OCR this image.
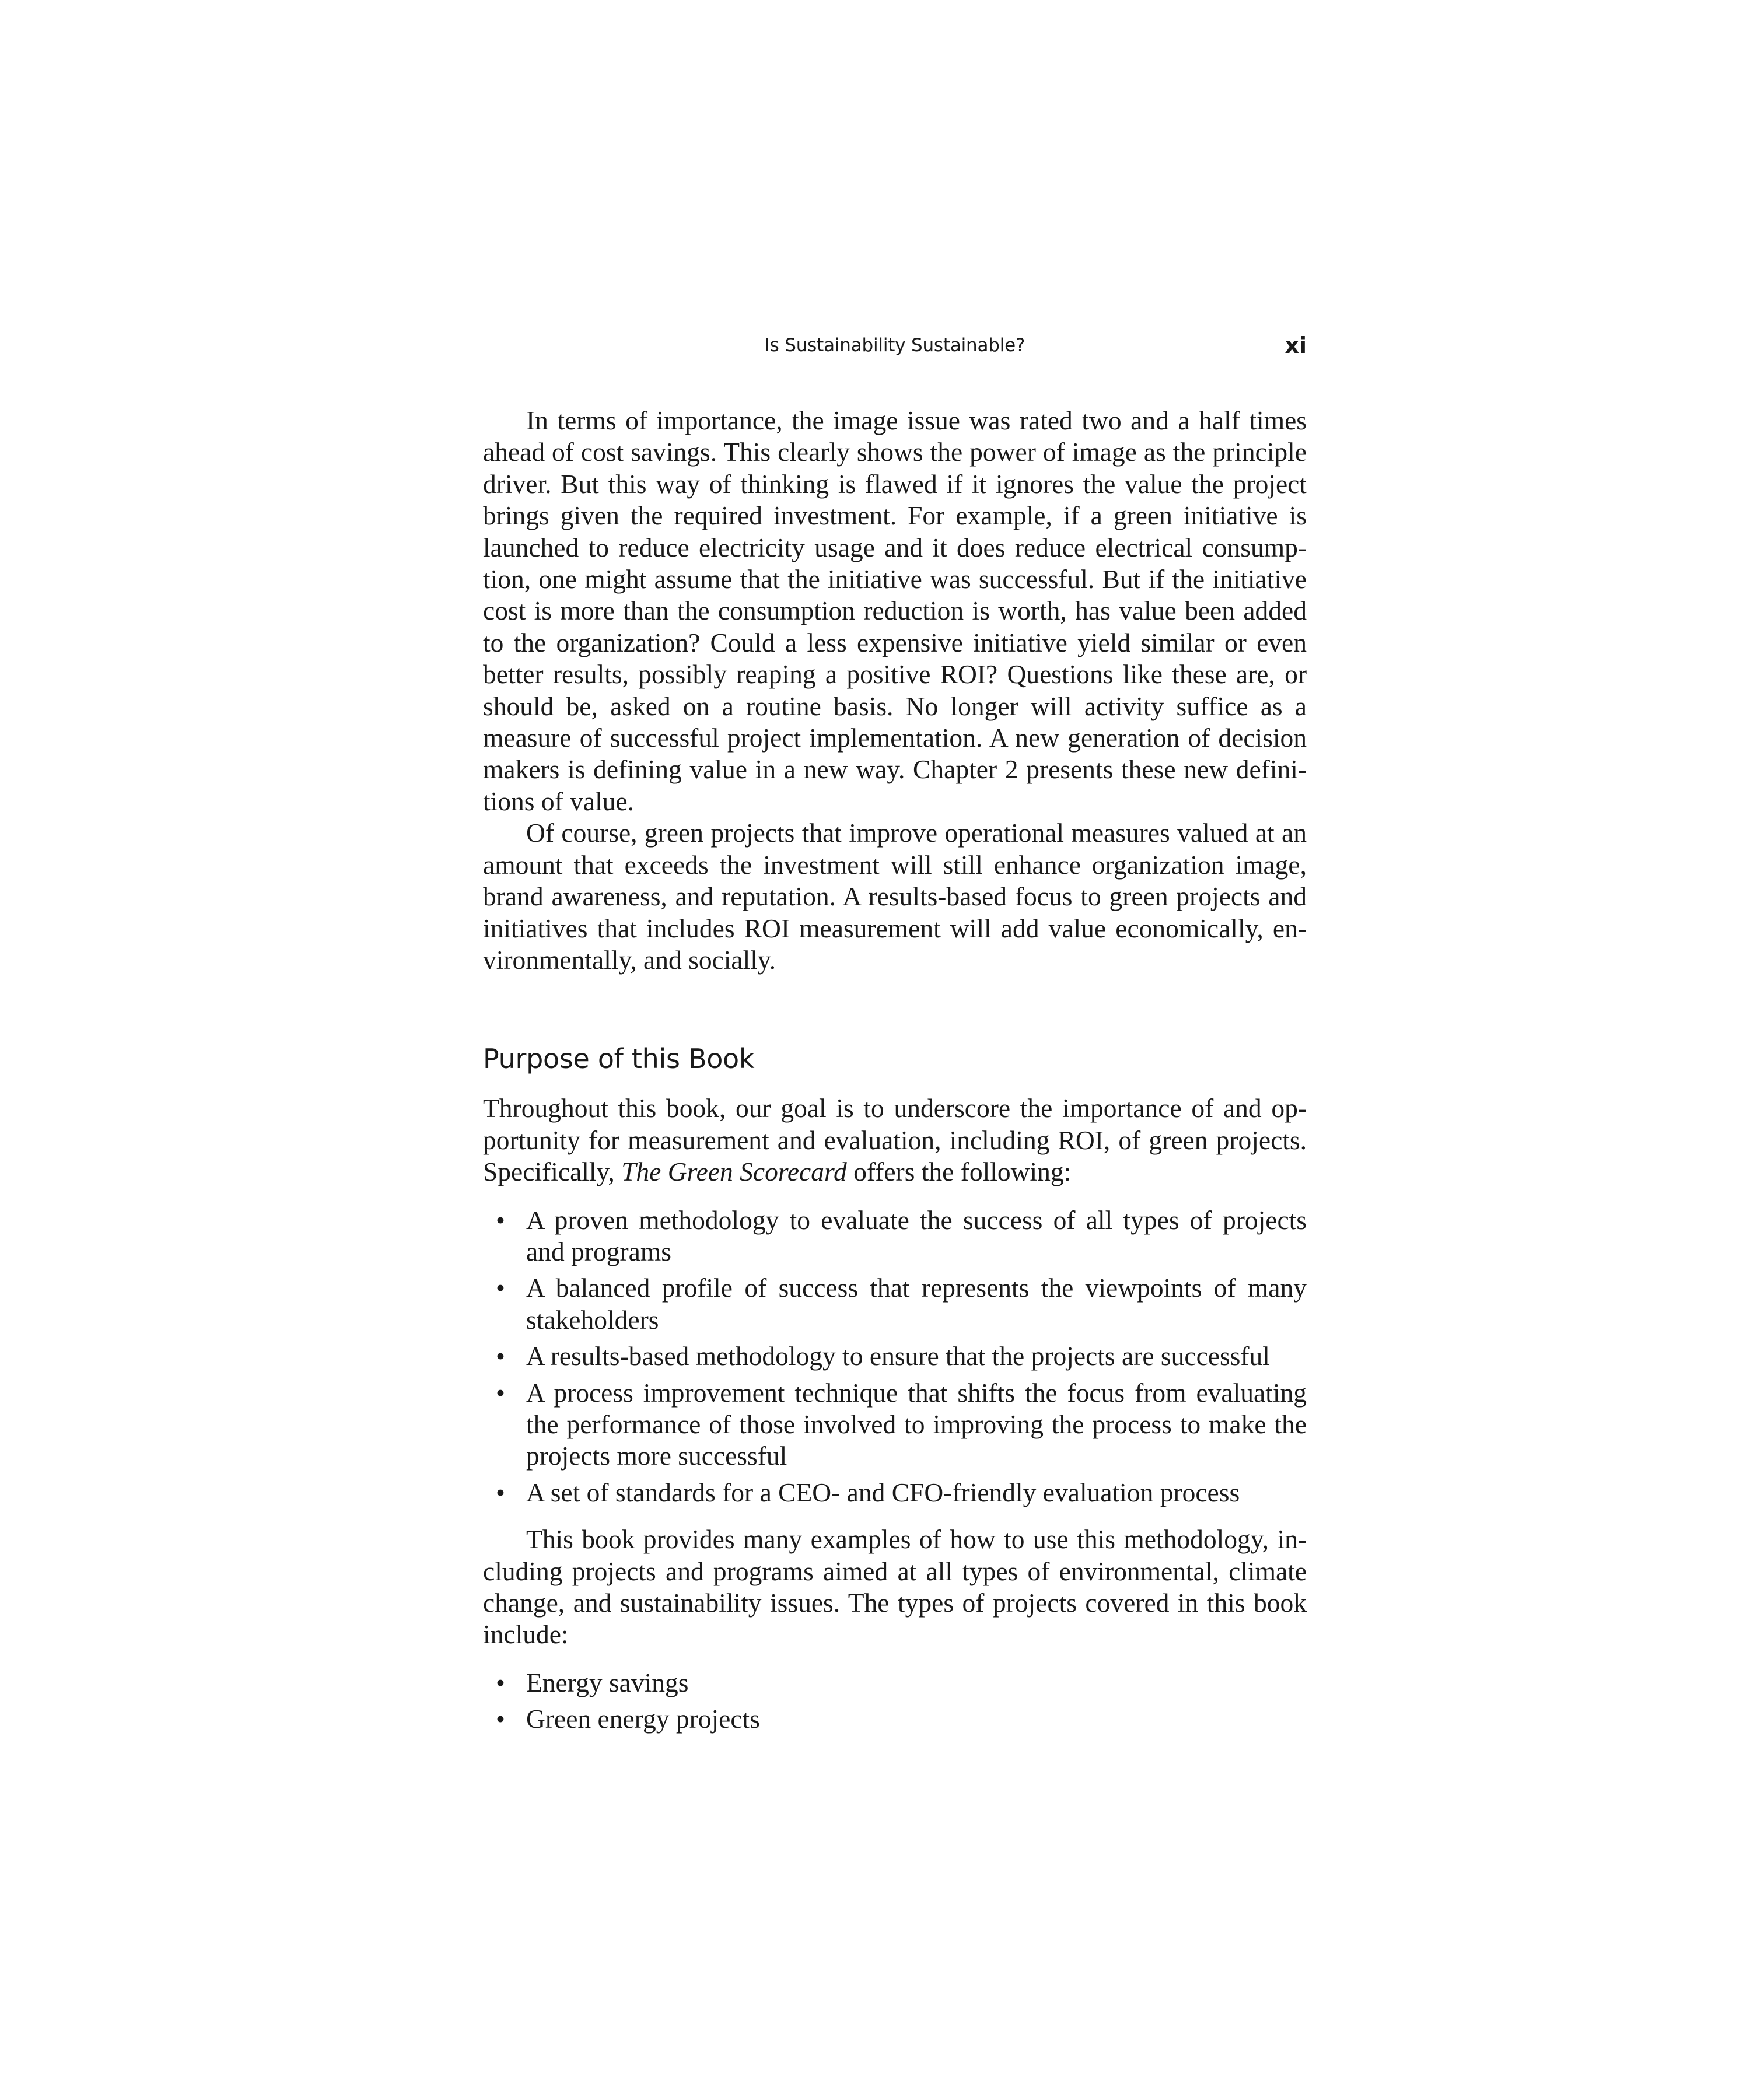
Is Sustainability Sustainable?	xi

In terms of importance, the image issue was rated two and a half times ahead of cost savings. This clearly shows the power of image as the principle driver. But this way of thinking is flawed if it ignores the value the project brings given the required investment. For example, if a green initiative is launched to reduce electricity usage and it does reduce electrical consumption, one might assume that the initiative was successful. But if the initiative cost is more than the consumption reduction is worth, has value been added to the organization? Could a less expensive initiative yield similar or even better results, possibly reaping a positive ROI? Questions like these are, or should be, asked on a routine basis. No longer will activity suffice as a measure of successful project implementation. A new generation of decision makers is defining value in a new way. Chapter 2 presents these new definitions of value.

Of course, green projects that improve operational measures valued at an amount that exceeds the investment will still enhance organization image, brand awareness, and reputation. A results-based focus to green projects and initiatives that includes ROI measurement will add value economically, environmentally, and socially.

Purpose of this Book

Throughout this book, our goal is to underscore the importance of and opportunity for measurement and evaluation, including ROI, of green projects. Specifically, The Green Scorecard offers the following:

• A proven methodology to evaluate the success of all types of projects and programs
• A balanced profile of success that represents the viewpoints of many stakeholders
• A results-based methodology to ensure that the projects are successful
• A process improvement technique that shifts the focus from evaluating the performance of those involved to improving the process to make the projects more successful
• A set of standards for a CEO- and CFO-friendly evaluation process

This book provides many examples of how to use this methodology, including projects and programs aimed at all types of environmental, climate change, and sustainability issues. The types of projects covered in this book include:

• Energy savings
• Green energy projects
